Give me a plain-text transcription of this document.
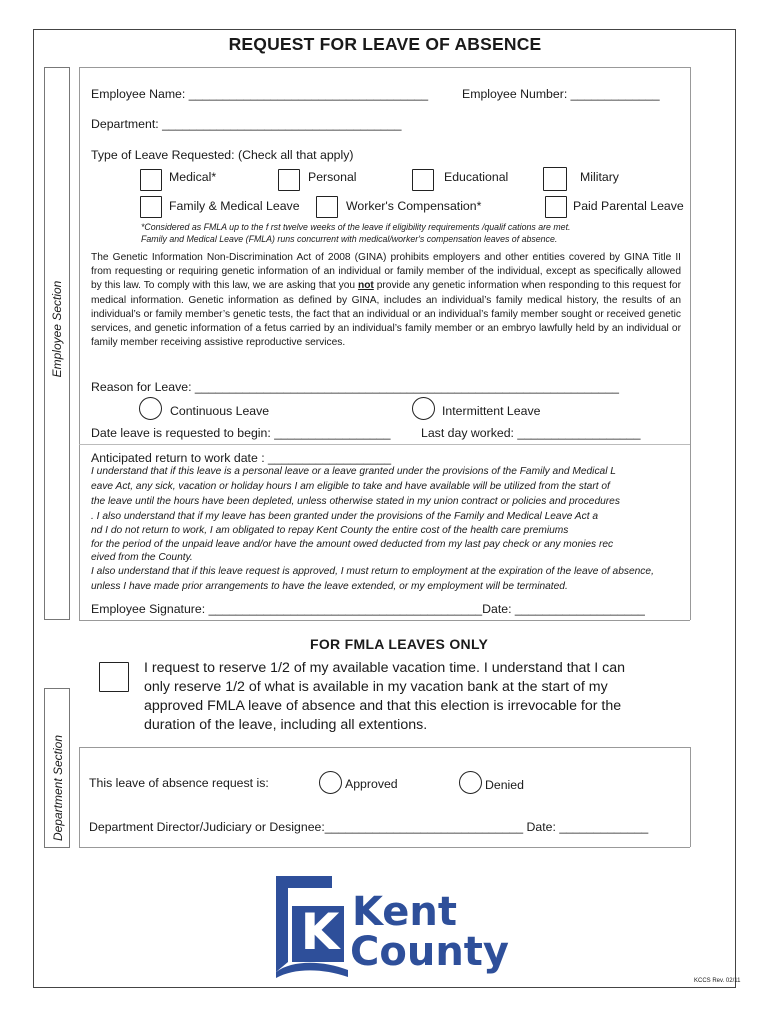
REQUEST FOR LEAVE OF ABSENCE
Employee Section
Employee Name: ___________________________________	Employee Number: _____________
Department: ___________________________________
Type of Leave Requested: (Check all that apply)
Medical*	Personal	Educational	Military
Family & Medical Leave	Worker's Compensation*	Paid Parental Leave
*Considered as FMLA up to the f rst twelve weeks of the leave if eligibility requirements /qualif cations are met.
Family and Medical Leave (FMLA) runs concurrent with medical/worker's compensation leaves of absence.
The Genetic Information Non-Discrimination Act of 2008 (GINA) prohibits employers and other entities covered by GINA Title II from requesting or requiring genetic information of an individual or family member of the individual, except as specifically allowed by this law. To comply with this law, we are asking that you not provide any genetic information when responding to this request for medical information. Genetic information as defined by GINA, includes an individual’s family medical history, the results of an individual’s or family member’s genetic tests, the fact that an individual or an individual’s family member sought or received genetic services, and genetic information of a fetus carried by an individual’s family member or an embryo lawfully held by an individual or family member receiving assistive reproductive services.
Reason for Leave: ______________________________________________________________
Continuous Leave	Intermittent Leave
Date leave is requested to begin: _________________ Last day worked: __________________
Anticipated return to work date : __________________
I understand that if this leave is a personal leave or a leave granted under the provisions of the Family and Medical L
eave Act, any sick, vacation or holiday hours I am eligible to take and have available will be utilized from the start of
the leave until the hours have been depleted, unless otherwise stated in my union contract or policies and procedures
. I also understand that if my leave has been granted under the provisions of the Family and Medical Leave Act a
nd I do not return to work, I am obligated to repay Kent County the entire cost of the health care premiums
for the period of the unpaid leave and/or have the amount owed deducted from my last pay check or any monies rec
eived from the County.
I also understand that if this leave request is approved, I must return to employment at the expiration of the leave of absence,
unless I have made prior arrangements to have the leave extended, or my employment will be terminated.
Employee Signature: ________________________________________Date: ___________________
FOR FMLA LEAVES ONLY
I request to reserve 1/2 of my available vacation time. I understand that I can
only reserve 1/2 of what is available in my vacation bank at the start of my
approved FMLA leave of absence and that this election is irrevocable for the
duration of the leave, including all extentions.
Department Section This leave of absence request is:	Approved	Denied
Department Director/Judiciary or Designee:_____________________________ Date: _____________
K Kent
County
KCCS Rev. 02/11
